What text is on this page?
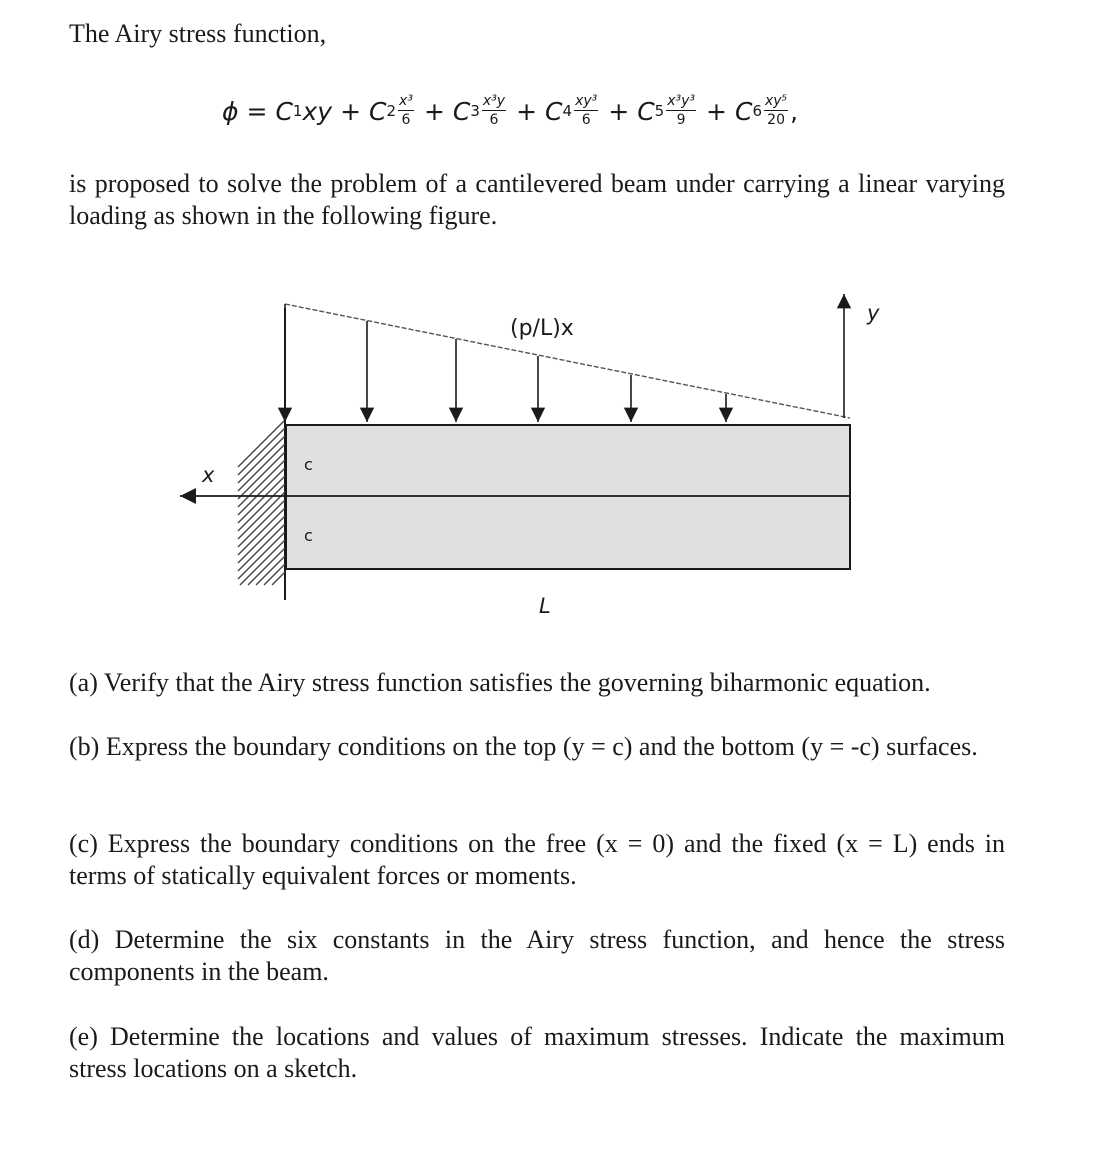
The Airy stress function,

ϕ = C 1 xy + C $2 \frac{\text{x³}}{6} + C$ $3 \frac{\text{x³y}}{6} + C$ $4 \frac{\text{xy³}}{6} + C$ $5 \frac{\text{x³y³}}{9} + C$ $6 \frac{\text{xy⁵}}{20}$ ,

is proposed to solve the problem of a cantilevered beam under carrying a linear varying loading as shown in the following figure.

(p/L)x
y
x	c
c
L

(a) Verify that the Airy stress function satisfies the governing biharmonic equation.

(b) Express the boundary conditions on the top (y = c) and the bottom (y = -c) surfaces.

(c) Express the boundary conditions on the free (x = 0) and the fixed (x = L) ends in terms of statically equivalent forces or moments.

(d) Determine the six constants in the Airy stress function, and hence the stress components in the beam.

(e) Determine the locations and values of maximum stresses. Indicate the maximum stress locations on a sketch.
